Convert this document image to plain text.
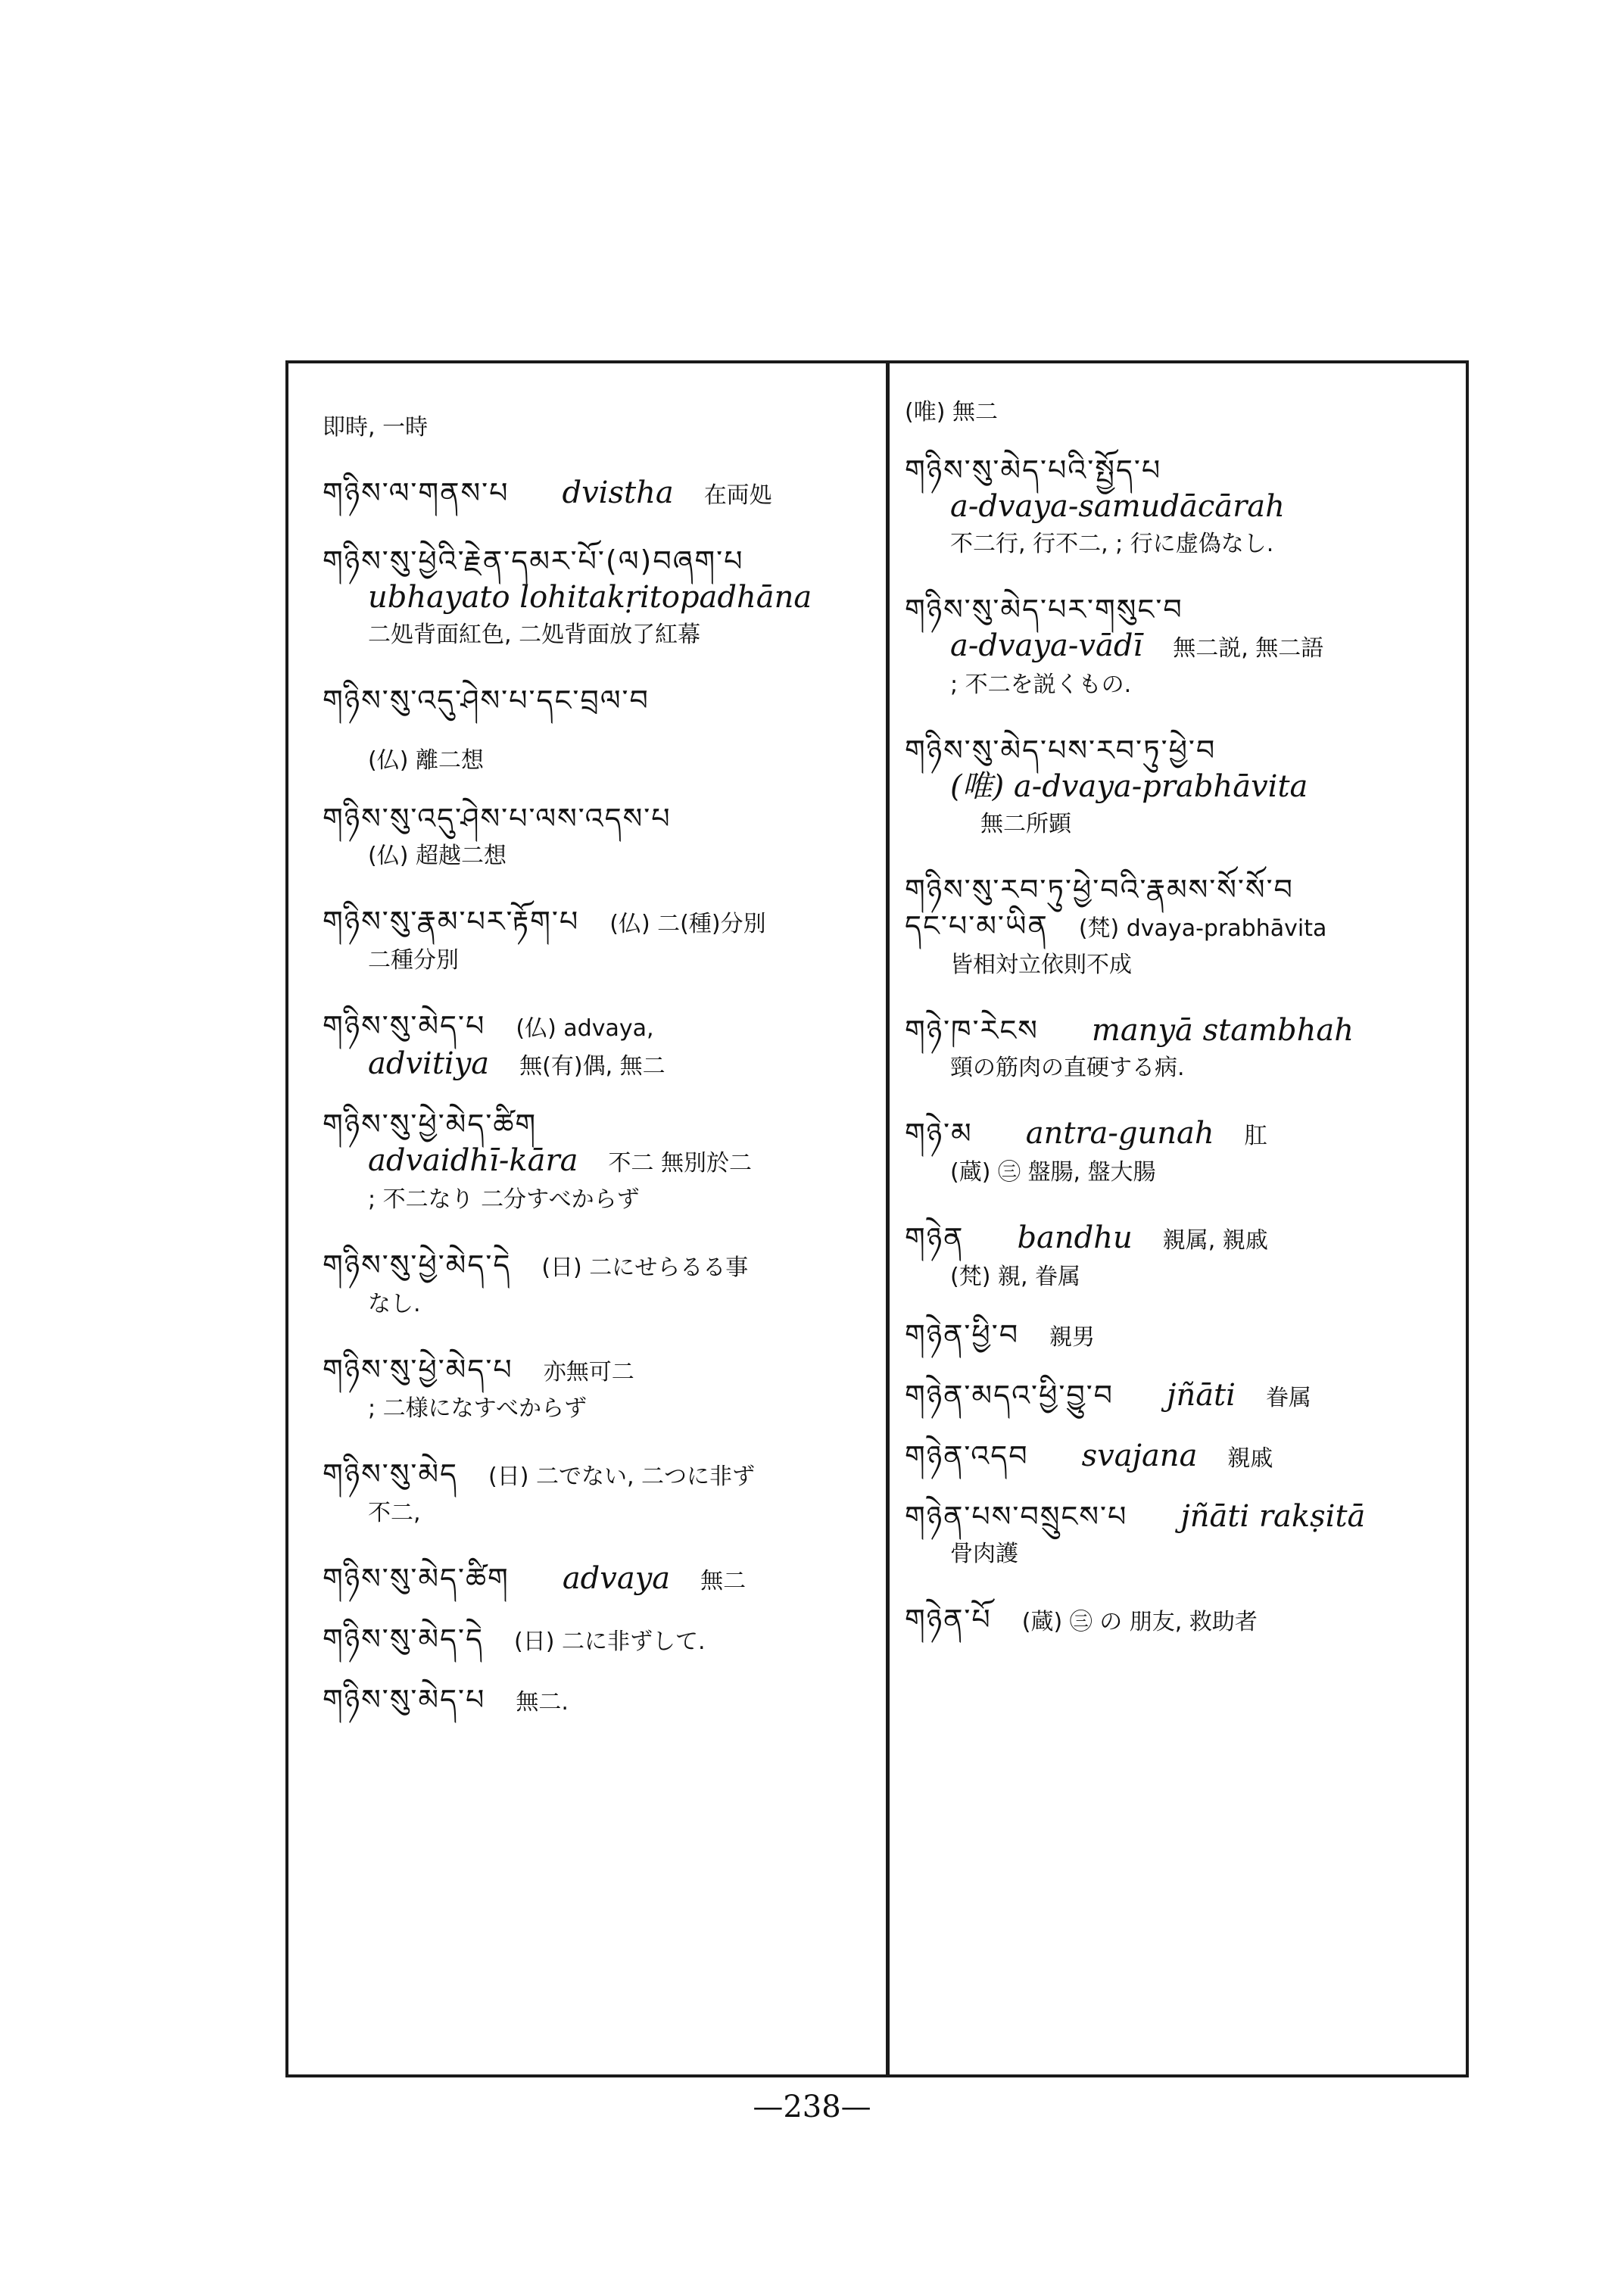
即時, 一時
གཉིས་ལ་གནས་པ dvistha 在両処
གཉིས་སུ་ཕྱེའི་རྗེན་དམར་པོ་(ལ)བཞག་པ
ubhayato lohitakṛitopadhāna
二処背面紅色, 二処背面放了紅幕
གཉིས་སུ་འདུ་ཤེས་པ་དང་བྲལ་བ
(仏) 離二想
གཉིས་སུ་འདུ་ཤེས་པ་ལས་འདས་པ
(仏) 超越二想
གཉིས་སུ་རྣམ་པར་རྟོག་པ (仏) 二(種)分別
二種分別
གཉིས་སུ་མེད་པ (仏) advaya,
advitiya 無(有)偶, 無二
གཉིས་སུ་ཕྱེ་མེད་ཚིག
advaidhī-kāra 不二 無別於二
; 不二なり 二分すべからず
གཉིས་སུ་ཕྱེ་མེད་དེ (日) 二にせらるる事
なし.
གཉིས་སུ་ཕྱེ་མེད་པ 亦無可二
; 二様になすべからず
གཉིས་སུ་མེད (日) 二でない, 二つに非ず
不二,
གཉིས་སུ་མེད་ཚིག advaya 無二
གཉིས་སུ་མེད་དེ (日) 二に非ずして.
གཉིས་སུ་མེད་པ 無二.
(唯) 無二
གཉིས་སུ་མེད་པའི་སྤྱོད་པ
a-dvaya-samudācārah
不二行, 行不二, ; 行に虚偽なし.
གཉིས་སུ་མེད་པར་གསུང་བ
a-dvaya-vādī 無二説, 無二語
; 不二を説くもの.
གཉིས་སུ་མེད་པས་རབ་ཏུ་ཕྱེ་བ
(唯) a-dvaya-prabhāvita
無二所顕
གཉིས་སུ་རབ་ཏུ་ཕྱེ་བའི་རྣམས་སོ་སོ་བ
དང་པ་མ་ཡིན (梵) dvaya-prabhāvita
皆相対立依則不成
གཉེ་ཁ་རེངས manyā stambhah
頸の筋肉の直硬する病.
གཉེ་མ antra-gunah 肛
(蔵) ㊂ 盤腸, 盤大腸
གཉེན bandhu 親属, 親戚
(梵) 親, 眷属
གཉེན་ཕྱི་བ 親男
གཉེན་མདའ་ཕྱི་བྱུ་བ jñāti 眷属
གཉེན་འདབ svajana 親戚
གཉེན་པས་བསྲུངས་པ jñāti rakṣitā
骨肉護
གཉེན་པོ (蔵) ㊂ の 朋友, 救助者
—238—
